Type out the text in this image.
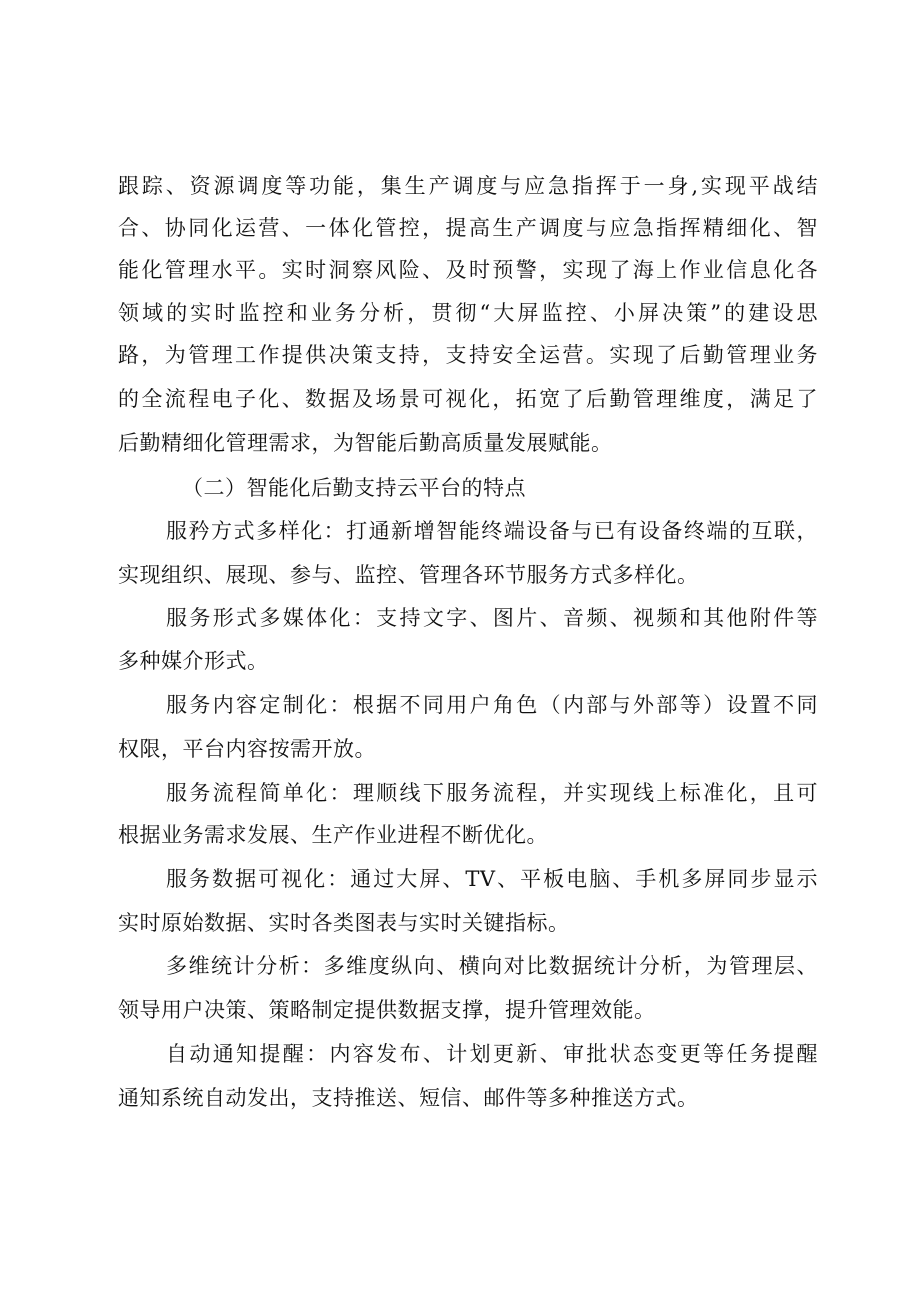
跟踪、资源调度等功能，集生产调度与应急指挥于一身,实现平战结
合、协同化运营、一体化管控，提高生产调度与应急指挥精细化、智
能化管理水平。实时洞察风险、及时预警，实现了海上作业信息化各
领域的实时监控和业务分析，贯彻“大屏监控、小屏决策”的建设思
路，为管理工作提供决策支持，支持安全运营。实现了后勤管理业务
的全流程电子化、数据及场景可视化，拓宽了后勤管理维度，满足了
后勤精细化管理需求，为智能后勤高质量发展赋能。
（二）智能化后勤支持云平台的特点
服矜方式多样化：打通新增智能终端设备与已有设备终端的互联，
实现组织、展现、参与、监控、管理各环节服务方式多样化。
服务形式多媒体化：支持文字、图片、音频、视频和其他附件等
多种媒介形式。
服务内容定制化：根据不同用户角色（内部与外部等）设置不同
权限，平台内容按需开放。
服务流程简单化：理顺线下服务流程，并实现线上标准化，且可
根据业务需求发展、生产作业进程不断优化。
服务数据可视化：通过大屏、TV、平板电脑、手机多屏同步显示
实时原始数据、实时各类图表与实时关键指标。
多维统计分析：多维度纵向、横向对比数据统计分析，为管理层、
领导用户决策、策略制定提供数据支撑，提升管理效能。
自动通知提醒：内容发布、计划更新、审批状态变更等任务提醒
通知系统自动发出，支持推送、短信、邮件等多种推送方式。
